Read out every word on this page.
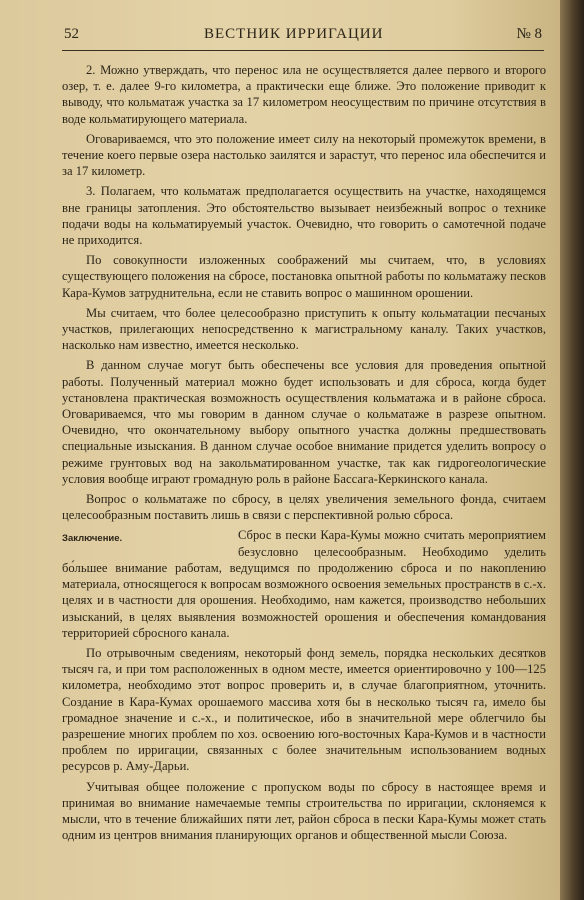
52	ВЕСТНИК ИРРИГАЦИИ	№ 8

2. Можно утверждать, что перенос ила не осуществляется далее первого и второго озер, т. е. далее 9-го километра, а практически еще ближе. Это положение приводит к выводу, что кольматаж участка за 17 километром неосуществим по причине отсутствия в воде кольматирующего материала.

Оговариваемся, что это положение имеет силу на некоторый промежуток времени, в течение коего первые озера настолько заилятся и зарастут, что перенос ила обеспечится и за 17 километр.

3. Полагаем, что кольматаж предполагается осуществить на участке, находящемся вне границы затопления. Это обстоятельство вызывает неизбежный вопрос о технике подачи воды на кольматируемый участок. Очевидно, что говорить о самотечной подаче не приходится.

По совокупности изложенных соображений мы считаем, что, в условиях существующего положения на сбросе, постановка опытной работы по кольматажу песков Кара-Кумов затруднительна, если не ставить вопрос о машинном орошении.

Мы считаем, что более целесообразно приступить к опыту кольматации песчаных участков, прилегающих непосредственно к магистральному каналу. Таких участков, насколько нам известно, имеется несколько.

В данном случае могут быть обеспечены все условия для проведения опытной работы. Полученный материал можно будет использовать и для сброса, когда будет установлена практическая возможность осуществления кольматажа и в районе сброса. Оговариваемся, что мы говорим в данном случае о кольматаже в разрезе опытном. Очевидно, что окончательному выбору опытного участка должны предшествовать специальные изыскания. В данном случае особое внимание придется уделить вопросу о режиме грунтовых вод на закольматированном участке, так как гидрогеологические условия вообще играют громадную роль в районе Бассага-Керкинского канала.

Вопрос о кольматаже по сбросу, в целях увеличения земельного фонда, считаем целесообразным поставить лишь в связи с перспективной ролью сброса.

Заключение.	Сброс в пески Кара-Кумы можно считать мероприятием безусловно целесообразным. Необходимо уделить бо́льшее внимание работам, ведущимся по продолжению сброса и по накоплению материала, относящегося к вопросам возможного освоения земельных пространств в с.-х. целях и в частности для орошения. Необходимо, нам кажется, производство небольших изысканий, в целях выявления возможностей орошения и обеспечения командования территорией сбросного канала.

По отрывочным сведениям, некоторый фонд земель, порядка нескольких десятков тысяч га, и при том расположенных в одном месте, имеется ориентировочно у 100—125 километра, необходимо этот вопрос проверить и, в случае благоприятном, уточнить. Создание в Кара-Кумах орошаемого массива хотя бы в несколько тысяч га, имело бы громадное значение и с.-х., и политическое, ибо в значительной мере облегчило бы разрешение многих проблем по хоз. освоению юго-восточных Кара-Кумов и в частности проблем по ирригации, связанных с более значительным использованием водных ресурсов р. Аму-Дарьи.

Учитывая общее положение с пропуском воды по сбросу в настоящее время и принимая во внимание намечаемые темпы строительства по ирригации, склоняемся к мысли, что в течение ближайших пяти лет, район сброса в пески Кара-Кумы может стать одним из центров внимания планирующих органов и общественной мысли Союза.
